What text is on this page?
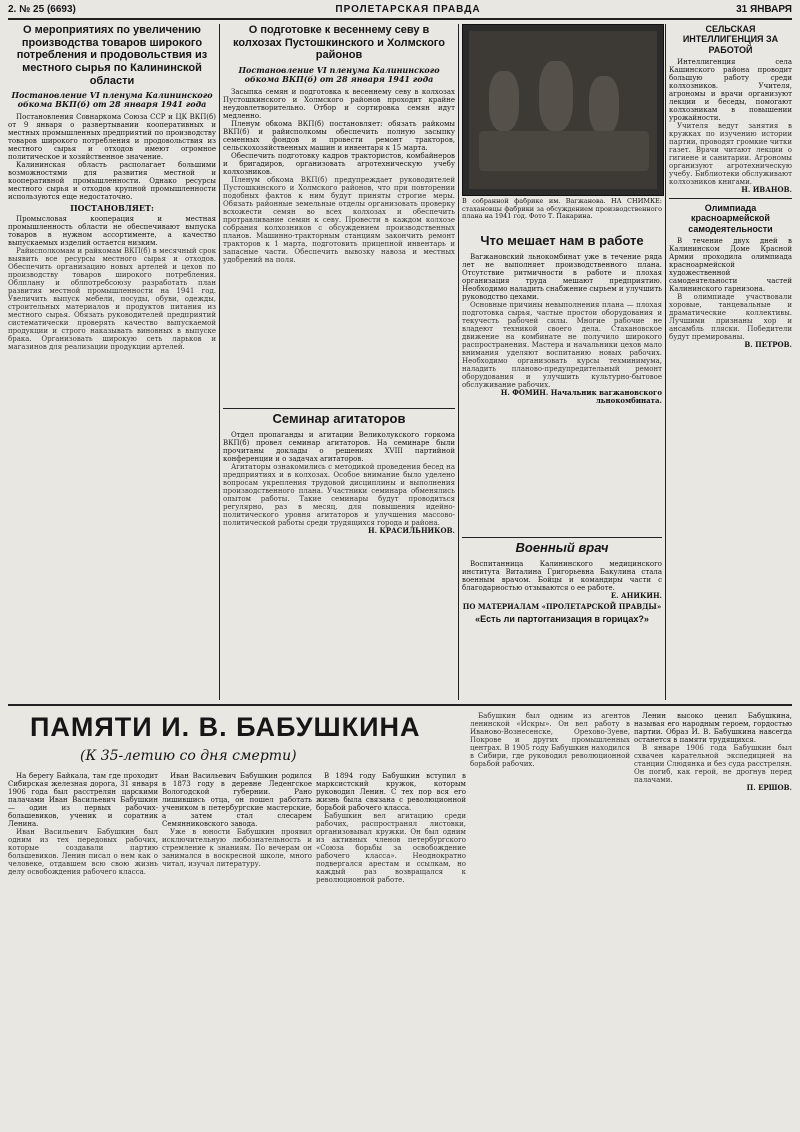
2. № 25 (6693)	ПРОЛЕТАРСКАЯ ПРАВДА	31 ЯНВАРЯ
О мероприятиях по увеличению производства товаров широкого потребления и продовольствия из местного сырья по Калининской области
Постановление VI пленума Калининского обкома ВКП(б) от 28 января 1941 года
Постановления Совнаркома Союза ССР и ЦК ВКП(б) от 9 января о развертывании кооперативных и местных промышленных предприятий по производству товаров широкого потребления и продовольствия из местного сырья и отходов имеют огромное политическое и хозяйственное значение.
Калининская область располагает большими возможностями для развития местной и кооперативной промышленности. Однако ресурсы местного сырья и отходов крупной промышленности используются еще недостаточно.
ПОСТАНОВЛЯЕТ:
Промысловая кооперация и местная промышленность области не обеспечивают выпуска товаров в нужном ассортименте, а качество выпускаемых изделий остается низким.
Райисполкомам и райкомам ВКП(б) в месячный срок выявить все ресурсы местного сырья и отходов. Обеспечить организацию новых артелей и цехов по производству товаров широкого потребления. Облплану и облпотребсоюзу разработать план развития местной промышленности на 1941 год. Увеличить выпуск мебели, посуды, обуви, одежды, строительных материалов и продуктов питания из местного сырья. Обязать руководителей предприятий систематически проверять качество выпускаемой продукции и строго наказывать виновных в выпуске брака. Организовать широкую сеть ларьков и магазинов для реализации продукции артелей.
О подготовке к весеннему севу в колхозах Пустошкинского и Холмского районов
Постановление VI пленума Калининского обкома ВКП(б) от 28 января 1941 года
Засыпка семян и подготовка к весеннему севу в колхозах Пустошкинского и Холмского районов проходит крайне неудовлетворительно. Отбор и сортировка семян идут медленно.
Пленум обкома ВКП(б) постановляет: обязать райкомы ВКП(б) и райисполкомы обеспечить полную засыпку семенных фондов и провести ремонт тракторов, сельскохозяйственных машин и инвентаря к 15 марта.
Обеспечить подготовку кадров трактористов, комбайнеров и бригадиров, организовать агротехническую учебу колхозников.
Пленум обкома ВКП(б) предупреждает руководителей Пустошкинского и Холмского районов, что при повторении подобных фактов к ним будут приняты строгие меры. Обязать районные земельные отделы организовать проверку всхожести семян во всех колхозах и обеспечить протравливание семян к севу. Провести в каждом колхозе собрания колхозников с обсуждением производственных планов. Машинно-тракторным станциям закончить ремонт тракторов к 1 марта, подготовить прицепной инвентарь и запасные части. Обеспечить вывозку навоза и местных удобрений на поля.
Семинар агитаторов
Отдел пропаганды и агитации Великолукского горкома ВКП(б) провел семинар агитаторов. На семинаре были прочитаны доклады о решениях XVIII партийной конференции и о задачах агитаторов.
Агитаторы ознакомились с методикой проведения бесед на предприятиях и в колхозах. Особое внимание было уделено вопросам укрепления трудовой дисциплины и выполнения производственного плана. Участники семинара обменялись опытом работы. Такие семинары будут проводиться регулярно, раз в месяц, для повышения идейно-политического уровня агитаторов и улучшения массово-политической работы среди трудящихся города и района.
Н. КРАСИЛЬНИКОВ.
В собранной фабрике им. Вагжанова. НА СНИМКЕ: стахановцы фабрики за обсуждением производственного плана на 1941 год. Фото Т. Пакарина.
Что мешает нам в работе
Вагжановский льнокомбинат уже в течение ряда лет не выполняет производственного плана. Отсутствие ритмичности в работе и плохая организация труда мешают предприятию. Необходимо наладить снабжение сырьем и улучшить руководство цехами.
Основные причины невыполнения плана — плохая подготовка сырья, частые простои оборудования и текучесть рабочей силы. Многие рабочие не владеют техникой своего дела. Стахановское движение на комбинате не получило широкого распространения. Мастера и начальники цехов мало внимания уделяют воспитанию новых рабочих. Необходимо организовать курсы техминимума, наладить планово-предупредительный ремонт оборудования и улучшить культурно-бытовое обслуживание рабочих.
Н. ФОМИН. Начальник вагжановского льнокомбината.
Военный врач
Воспитанница Калининского медицинского института Виталина Григорьевна Бакулина стала военным врачом. Бойцы и командиры части с благодарностью отзываются о ее работе.
Е. АНИКИН.
ПО МАТЕРИАЛАМ «ПРОЛЕТАРСКОЙ ПРАВДЫ»
«Есть ли партorганизация в горицах?»
СЕЛЬСКАЯ ИНТЕЛЛИГЕНЦИЯ ЗА РАБОТОЙ
Интеллигенция села Кашинского района проводит большую работу среди колхозников. Учителя, агрономы и врачи организуют лекции и беседы, помогают колхозникам в повышении урожайности.
Учителя ведут занятия в кружках по изучению истории партии, проводят громкие читки газет. Врачи читают лекции о гигиене и санитарии. Агрономы организуют агротехническую учебу. Библиотеки обслуживают колхозников книгами.
Н. ИВАНОВ.
Олимпиада красноармейской самодеятельности
В течение двух дней в Калининском Доме Красной Армии проходила олимпиада красноармейской художественной самодеятельности частей Калининского гарнизона.
В олимпиаде участвовали хоровые, танцевальные и драматические коллективы. Лучшими признаны хор и ансамбль пляски. Победители будут премированы.
В. ПЕТРОВ.
ПАМЯТИ И. В. БАБУШКИНА
(К 35-летию со дня смерти)
На берегу Байкала, там где проходит Сибирская железная дорога, 31 января 1906 года был расстрелян царскими палачами Иван Васильевич Бабушкин — один из первых рабочих-большевиков, ученик и соратник Ленина.
Иван Васильевич Бабушкин был одним из тех передовых рабочих, которые создавали партию большевиков. Ленин писал о нем как о человеке, отдавшем всю свою жизнь делу освобождения рабочего класса.
Иван Васильевич Бабушкин родился в 1873 году в деревне Леденгское Вологодской губернии. Рано лишившись отца, он пошел работать учеником в петербургские мастерские, а затем стал слесарем Семянниковского завода.
Уже в юности Бабушкин проявил исключительную любознательность и стремление к знаниям. По вечерам он занимался в воскресной школе, много читал, изучал литературу.
В 1894 году Бабушкин вступил в марксистский кружок, которым руководил Ленин. С тех пор вся его жизнь была связана с революционной борьбой рабочего класса.
Бабушкин вел агитацию среди рабочих, распространял листовки, организовывал кружки. Он был одним из активных членов петербургского «Союза борьбы за освобождение рабочего класса». Неоднократно подвергался арестам и ссылкам, но каждый раз возвращался к революционной работе.
Бабушкин был одним из агентов ленинской «Искры». Он вел работу в Иваново-Вознесенске, Орехово-Зуеве, Покрове и других промышленных центрах. В 1905 году Бабушкин находился в Сибири, где руководил революционной борьбой рабочих.
Ленин высоко ценил Бабушкина, называя его народным героем, гордостью партии. Образ И. В. Бабушкина навсегда останется в памяти трудящихся.
В январе 1906 года Бабушкин был схвачен карательной экспедицией на станции Слюдянка и без суда расстрелян. Он погиб, как герой, не дрогнув перед палачами.
П. ЕРШОВ.
